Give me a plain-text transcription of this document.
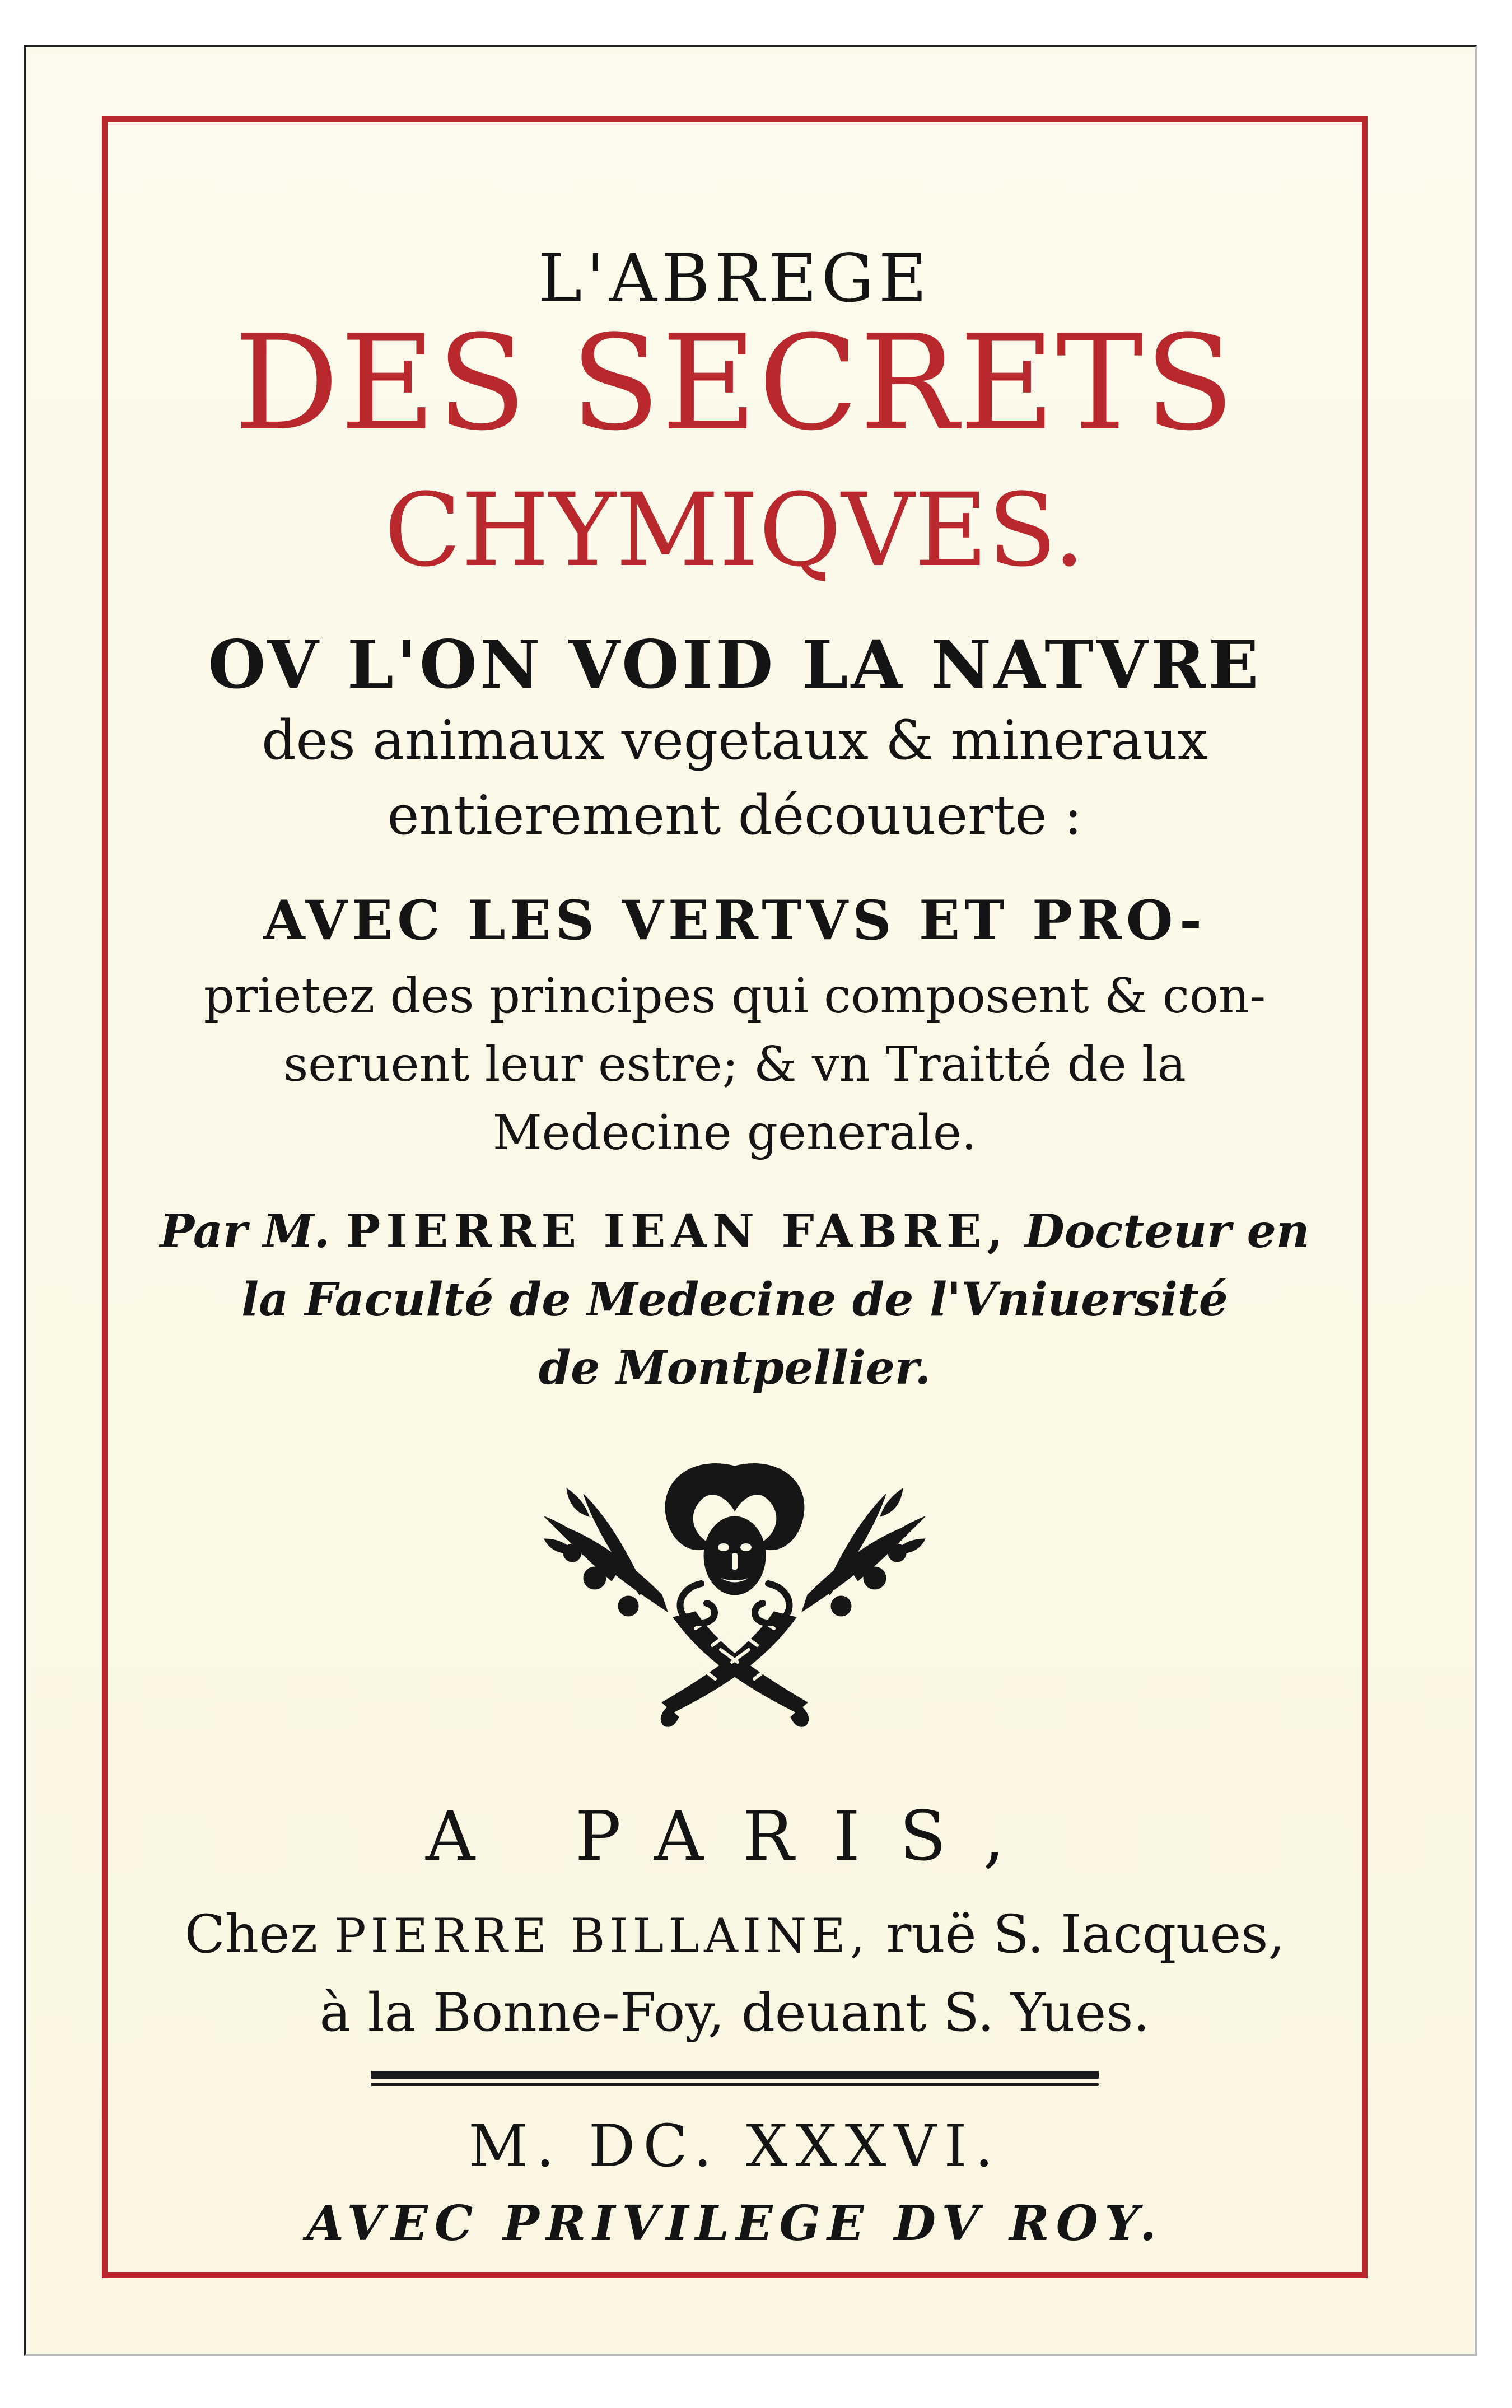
L'ABREGE
DES SECRETS
CHYMIQVES.
OV L'ON VOID LA NATVRE
des animaux vegetaux & mineraux
entierement découuerte :
AVEC LES VERTVS ET PRO-
prietez des principes qui composent & con-
seruent leur estre; & vn Traitté de la
Medecine generale.
Par M. PIERRE IEAN FABRE, Docteur en
la Faculté de Medecine de l'Vniuersité
de Montpellier.
A PARIS,
Chez PIERRE BILLAINE, ruë S. Iacques,
à la Bonne-Foy, deuant S. Yues.
M. DC. XXXVI.
AVEC PRIVILEGE DV ROY.
